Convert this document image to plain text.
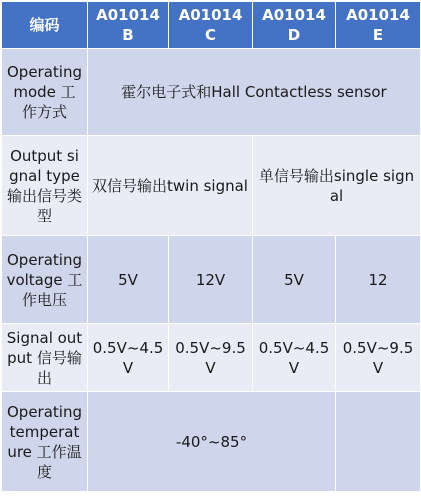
编码	A01014 B	A01014 C	A01014 D	A01014 E
Operating mode 工作方式	霍尔电子式和Hall Contactless sensor			
Output signal type 输出信号类型	双信号输出twin signal		单信号输出single signal	
Operating voltage 工作电压	5V	12V	5V	12
Signal output 信号输出	0.5V~4.5V	0.5V~9.5V	0.5V~4.5V	0.5V~9.5V
Operating temperature 工作温度	-40°~85°			
